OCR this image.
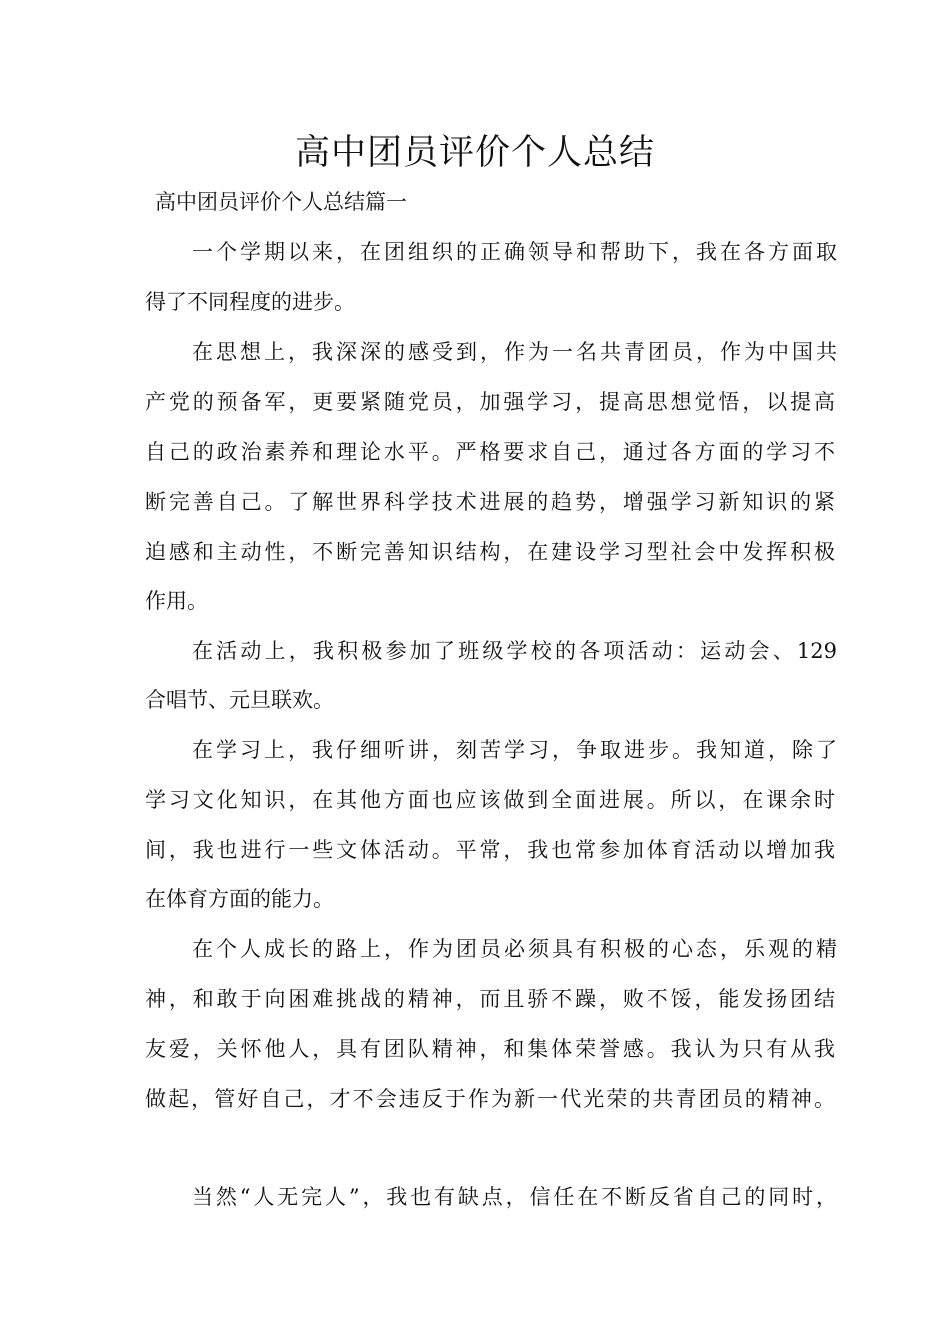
高中团员评价个人总结
高中团员评价个人总结篇一
一个学期以来，在团组织的正确领导和帮助下，我在各方面取
得了不同程度的进步。
在思想上，我深深的感受到，作为一名共青团员，作为中国共
产党的预备军，更要紧随党员，加强学习，提高思想觉悟，以提高
自己的政治素养和理论水平。严格要求自己，通过各方面的学习不
断完善自己。了解世界科学技术进展的趋势，增强学习新知识的紧
迫感和主动性，不断完善知识结构，在建设学习型社会中发挥积极
作用。
在活动上，我积极参加了班级学校的各项活动：运动会、129
合唱节、元旦联欢。
在学习上，我仔细听讲，刻苦学习，争取进步。我知道，除了
学习文化知识，在其他方面也应该做到全面进展。所以，在课余时
间，我也进行一些文体活动。平常，我也常参加体育活动以增加我
在体育方面的能力。
在个人成长的路上，作为团员必须具有积极的心态，乐观的精
神，和敢于向困难挑战的精神，而且骄不躁，败不馁，能发扬团结
友爱，关怀他人，具有团队精神，和集体荣誉感。我认为只有从我
做起，管好自己，才不会违反于作为新一代光荣的共青团员的精神。
当然“人无完人”，我也有缺点，信任在不断反省自己的同时，
